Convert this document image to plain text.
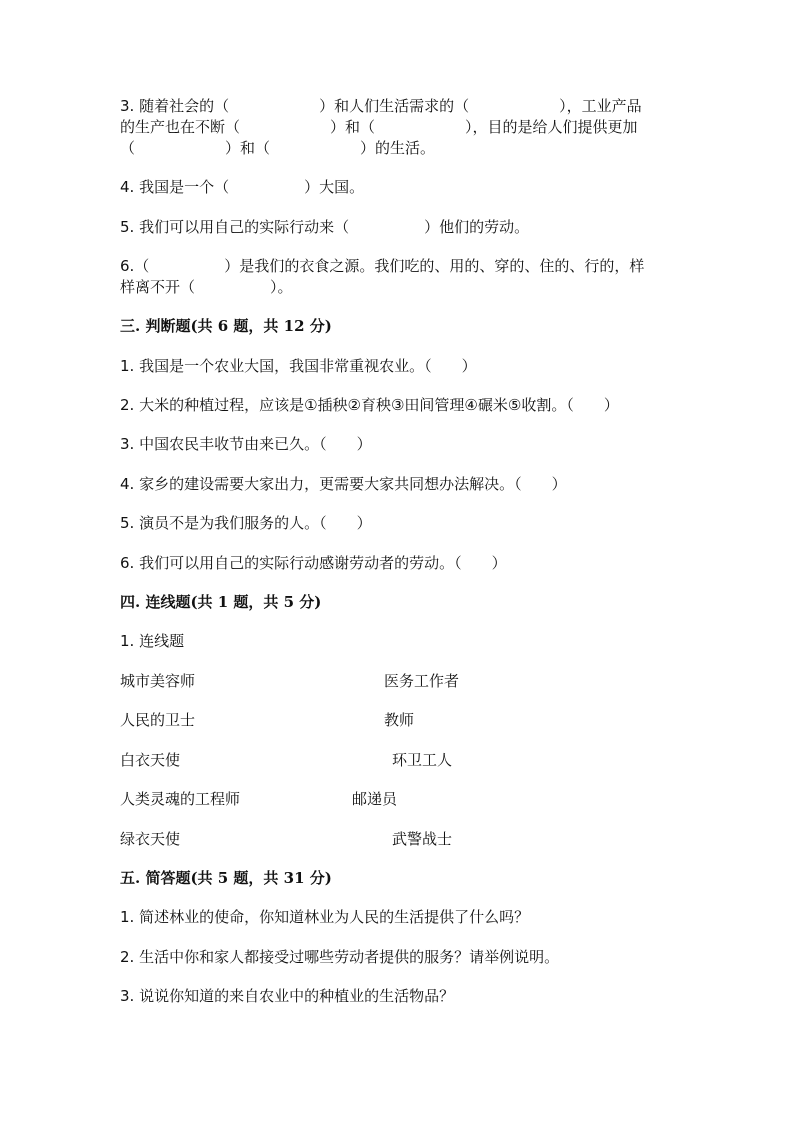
3. 随着社会的（　　　　　　）和人们生活需求的（　　　　　　），工业产品
的生产也在不断（　　　　　　）和（　　　　　　），目的是给人们提供更加
（　　　　　　）和（　　　　　　）的生活。
4. 我国是一个（　　　　　）大国。
5. 我们可以用自己的实际行动来（　　　　　）他们的劳动。
6.（　　　　　）是我们的衣食之源。我们吃的、用的、穿的、住的、行的，样
样离不开（　　　　　）。
三. 判断题(共 6 题，共 12 分)
1. 我国是一个农业大国，我国非常重视农业。（　　）
2. 大米的种植过程，应该是①插秧②育秧③田间管理④碾米⑤收割。（　　）
3. 中国农民丰收节由来已久。（　　）
4. 家乡的建设需要大家出力，更需要大家共同想办法解决。（　　）
5. 演员不是为我们服务的人。（　　）
6. 我们可以用自己的实际行动感谢劳动者的劳动。（　　）
四. 连线题(共 1 题，共 5 分)
1. 连线题
城市美容师	医务工作者
人民的卫士	教师
白衣天使	环卫工人
人类灵魂的工程师	邮递员
绿衣天使	武警战士
五. 简答题(共 5 题，共 31 分)
1. 简述林业的使命，你知道林业为人民的生活提供了什么吗？
2. 生活中你和家人都接受过哪些劳动者提供的服务？请举例说明。
3. 说说你知道的来自农业中的种植业的生活物品？
